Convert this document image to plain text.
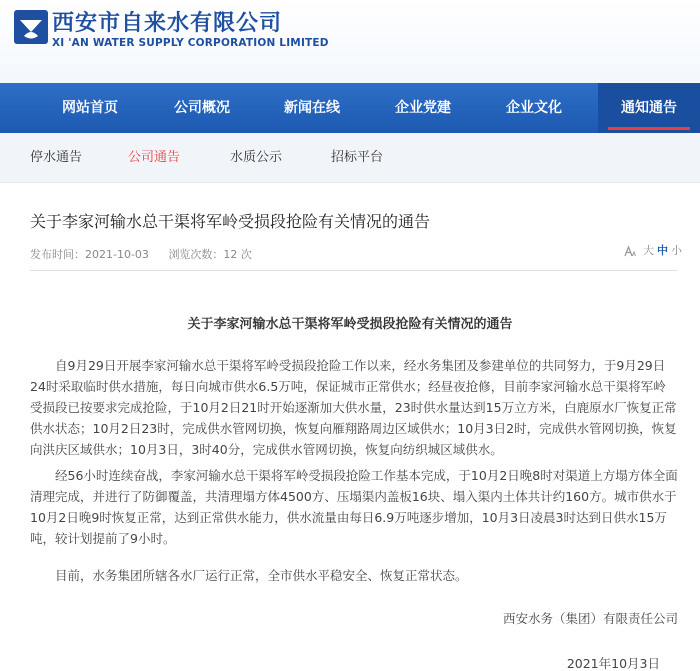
西安市自来水有限公司
XI 'AN WATER SUPPLY CORPORATION LIMITED
网站首页	公司概况	新闻在线	企业党建	企业文化	通知通告
停水通告	公司通告	水质公示	招标平台
关于李家河输水总干渠将军岭受损段抢险有关情况的通告
发布时间：2021-10-03 浏览次数：12 次	大 中 小
关于李家河输水总干渠将军岭受损段抢险有关情况的通告
自9月29日开展李家河输水总干渠将军岭受损段抢险工作以来，经水务集团及参建单位的共同努力，于9月29日24时采取临时供水措施，每日向城市供水6.5万吨，保证城市正常供水；经昼夜抢修，目前李家河输水总干渠将军岭受损段已按要求完成抢险，于10月2日21时开始逐渐加大供水量，23时供水量达到15万立方米，白鹿原水厂恢复正常供水状态；10月2日23时，完成供水管网切换，恢复向雁翔路周边区域供水；10月3日2时，完成供水管网切换，恢复向洪庆区域供水；10月3日，3时40分，完成供水管网切换，恢复向纺织城区域供水。
经56小时连续奋战，李家河输水总干渠将军岭受损段抢险工作基本完成，于10月2日晚8时对渠道上方塌方体全面清理完成，并进行了防御覆盖，共清理塌方体4500方、压塌渠内盖板16块、塌入渠内土体共计约160方。城市供水于10月2日晚9时恢复正常，达到正常供水能力，供水流量由每日6.9万吨逐步增加，10月3日凌晨3时达到日供水15万吨，较计划提前了9小时。
目前，水务集团所辖各水厂运行正常，全市供水平稳安全、恢复正常状态。
西安水务（集团）有限责任公司
2021年10月3日
